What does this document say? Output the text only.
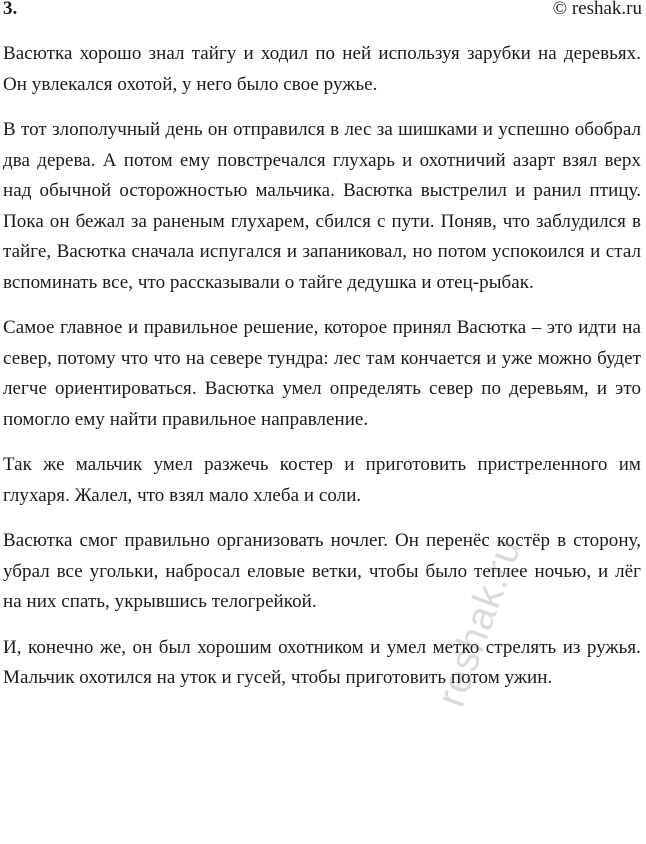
3.	© reshak.ru

Васютка хорошо знал тайгу и ходил по ней используя зарубки на деревьях. Он увлекался охотой, у него было свое ружье.

В тот злополучный день он отправился в лес за шишками и успешно обобрал два дерева. А потом ему повстречался глухарь и охотничий азарт взял верх над обычной осторожностью мальчика. Васютка выстрелил и ранил птицу. Пока он бежал за раненым глухарем, сбился с пути. Поняв, что заблудился в тайге, Васютка сначала испугался и запаниковал, но потом успокоился и стал вспоминать все, что рассказывали о тайге дедушка и отец-рыбак.

Самое главное и правильное решение, которое принял Васютка – это идти на север, потому что что на севере тундра: лес там кончается и уже можно будет легче ориентироваться. Васютка умел определять север по деревьям, и это помогло ему найти правильное направление.

Так же мальчик умел разжечь костер и приготовить пристреленного им глухаря. Жалел, что взял мало хлеба и соли.

Васютка смог правильно организовать ночлег. Он перенёс костёр в сторону, убрал все угольки, набросал еловые ветки, чтобы было теплее ночью, и лёг на них спать, укрывшись телогрейкой.

И, конечно же, он был хорошим охотником и умел метко стрелять из ружья. Мальчик охотился на уток и гусей, чтобы приготовить потом ужин.

reshak.ru
